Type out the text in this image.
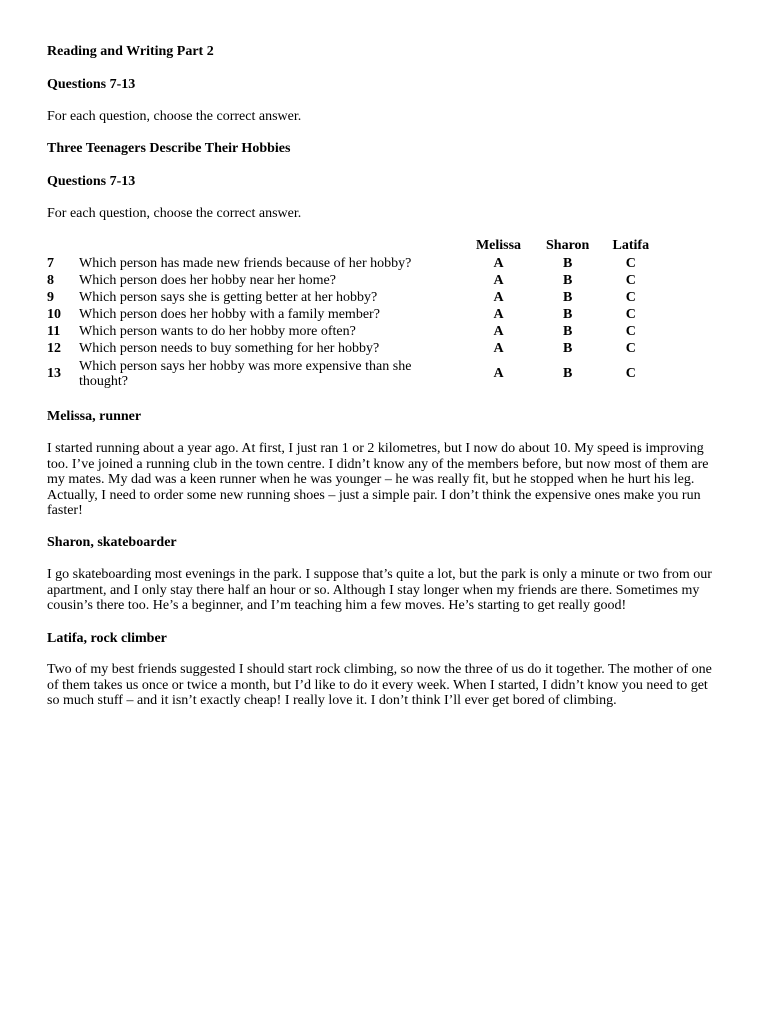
Reading and Writing Part 2
Questions 7-13
For each question, choose the correct answer.
Three Teenagers Describe Their Hobbies
Questions 7-13
For each question, choose the correct answer.
		Melissa	Sharon	Latifa
7	Which person has made new friends because of her hobby?	A	B	C
8	Which person does her hobby near her home?	A	B	C
9	Which person says she is getting better at her hobby?	A	B	C
10	Which person does her hobby with a family member?	A	B	C
11	Which person wants to do her hobby more often?	A	B	C
12	Which person needs to buy something for her hobby?	A	B	C
13	Which person says her hobby was more expensive than she thought?	A	B	C
Melissa, runner
I started running about a year ago. At first, I just ran 1 or 2 kilometres, but I now do about 10. My speed is improving too. I’ve joined a running club in the town centre. I didn’t know any of the members before, but now most of them are my mates. My dad was a keen runner when he was younger – he was really fit, but he stopped when he hurt his leg. Actually, I need to order some new running shoes – just a simple pair. I don’t think the expensive ones make you run faster!
Sharon, skateboarder
I go skateboarding most evenings in the park. I suppose that’s quite a lot, but the park is only a minute or two from our apartment, and I only stay there half an hour or so. Although I stay longer when my friends are there. Sometimes my cousin’s there too. He’s a beginner, and I’m teaching him a few moves. He’s starting to get really good!
Latifa, rock climber
Two of my best friends suggested I should start rock climbing, so now the three of us do it together. The mother of one of them takes us once or twice a month, but I’d like to do it every week. When I started, I didn’t know you need to get so much stuff – and it isn’t exactly cheap! I really love it. I don’t think I’ll ever get bored of climbing.
